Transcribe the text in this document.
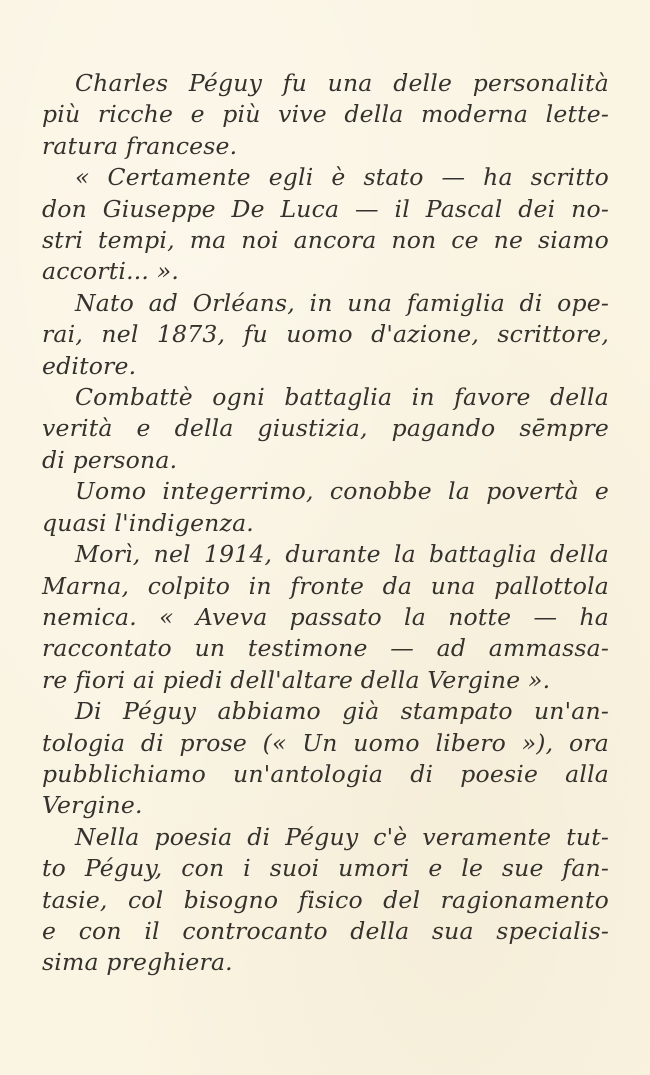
Charles Péguy fu una delle personalità
più ricche e più vive della moderna lette-
ratura francese.

« Certamente egli è stato — ha scritto
don Giuseppe De Luca — il Pascal dei no-
stri tempi, ma noi ancora non ce ne siamo
accorti... ».

Nato ad Orléans, in una famiglia di ope-
rai, nel 1873, fu uomo d'azione, scrittore,
editore.

Combattè ogni battaglia in favore della
verità e della giustizia, pagando sēmpre
di persona.

Uomo integerrimo, conobbe la povertà e
quasi l'indigenza.

Morì, nel 1914, durante la battaglia della
Marna, colpito in fronte da una pallottola
nemica. « Aveva passato la notte — ha
raccontato un testimone — ad ammassa-
re fiori ai piedi dell'altare della Vergine ».

Di Péguy abbiamo già stampato un'an-
tologia di prose (« Un uomo libero »), ora
pubblichiamo un'antologia di poesie alla
Vergine.

Nella poesia di Péguy c'è veramente tut-
to Péguy, con i suoi umori e le sue fan-
tasie, col bisogno fisico del ragionamento
e con il controcanto della sua specialis-
sima preghiera.
